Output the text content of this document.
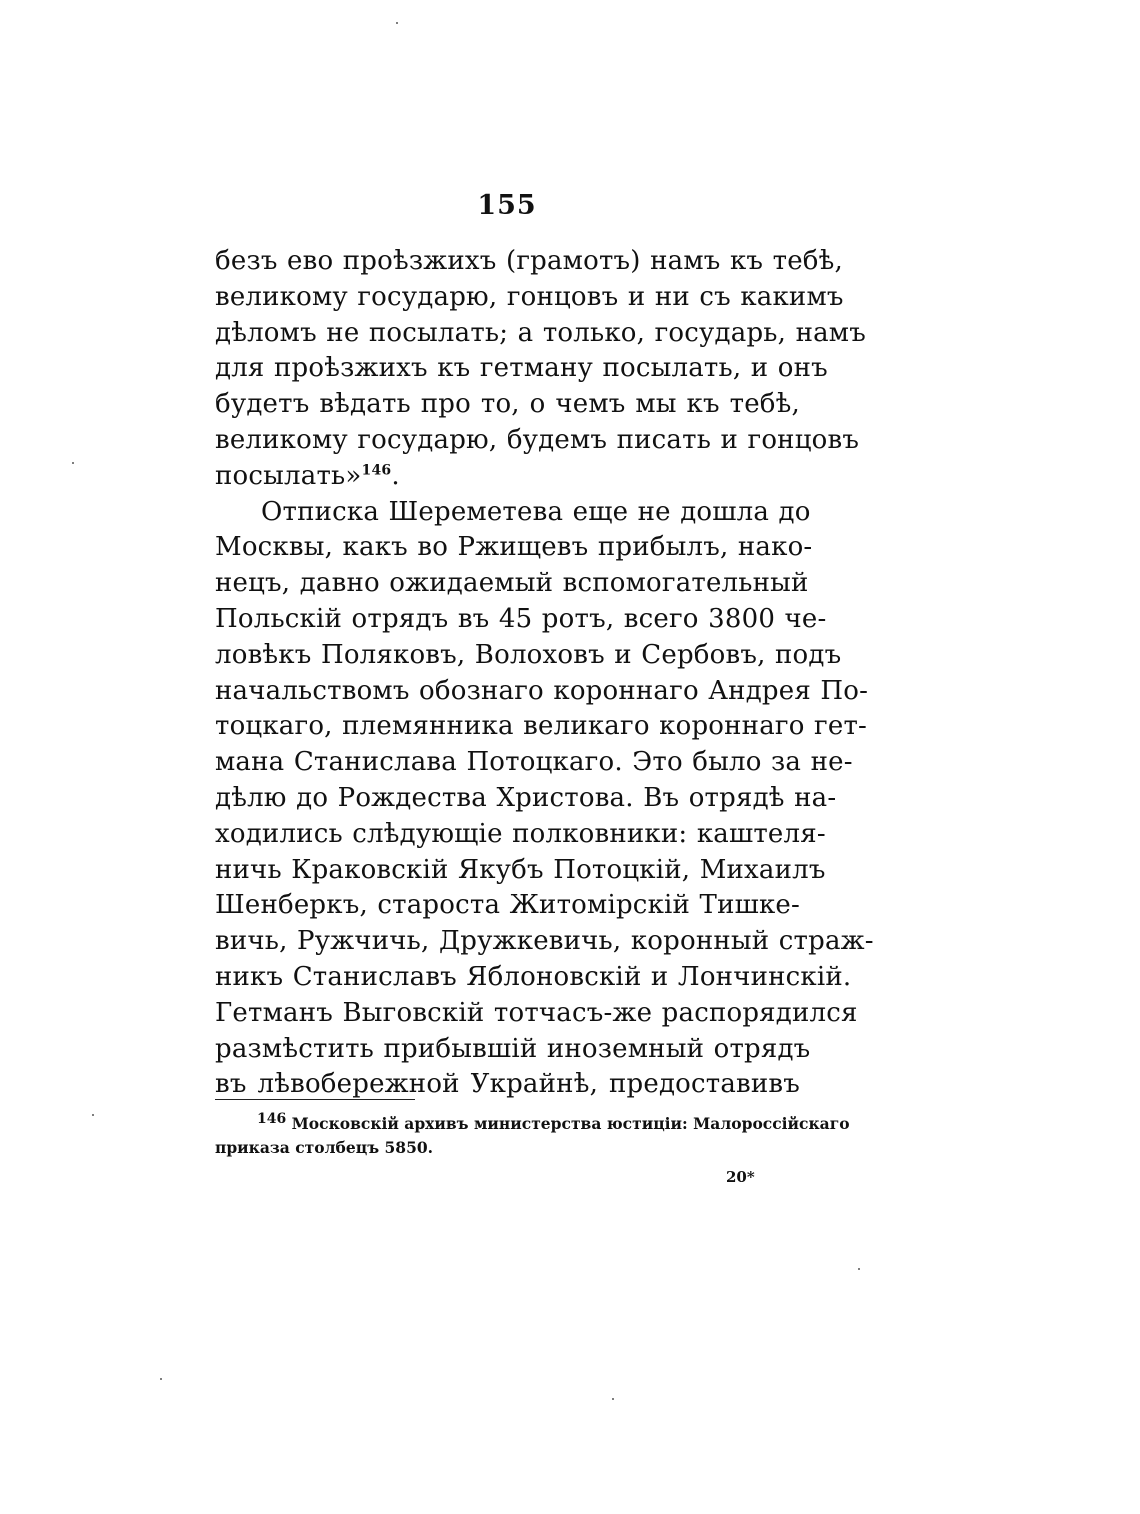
155
безъ ево проѣзжихъ (грамотъ) намъ къ тебѣ,
великому государю, гонцовъ и ни съ какимъ
дѣломъ не посылать; а только, государь, намъ
для проѣзжихъ къ гетману посылать, и онъ
будетъ вѣдать про то, о чемъ мы къ тебѣ,
великому государю, будемъ писать и гонцовъ
посылать»$^{146}$.
Отписка Шереметева еще не дошла до
Москвы, какъ во Ржищевъ прибылъ, нако-
нецъ, давно ожидаемый вспомогательный
Польскій отрядъ въ 45 ротъ, всего 3800 че-
ловѣкъ Поляковъ, Волоховъ и Сербовъ, подъ
начальствомъ обознаго короннаго Андрея По-
тоцкаго, племянника великаго короннаго гет-
мана Станислава Потоцкаго. Это было за не-
дѣлю до Рождества Христова. Въ отрядѣ на-
ходились слѣдующіе полковники: каштеля-
ничь Краковскій Якубъ Потоцкій, Михаилъ
Шенберкъ, староста Житомірскій Тишке-
вичь, Ружчичь, Дружкевичь, коронный страж-
никъ Станиславъ Яблоновскій и Лончинскій.
Гетманъ Выговскій тотчасъ-же распорядился
размѣстить прибывшій иноземный отрядъ
въ лѣвобережной Украйнѣ, предоставивъ
$^{146}$ Московскій архивъ министерства юстиціи: Малороссійскаго
приказа столбецъ 5850.
20*
